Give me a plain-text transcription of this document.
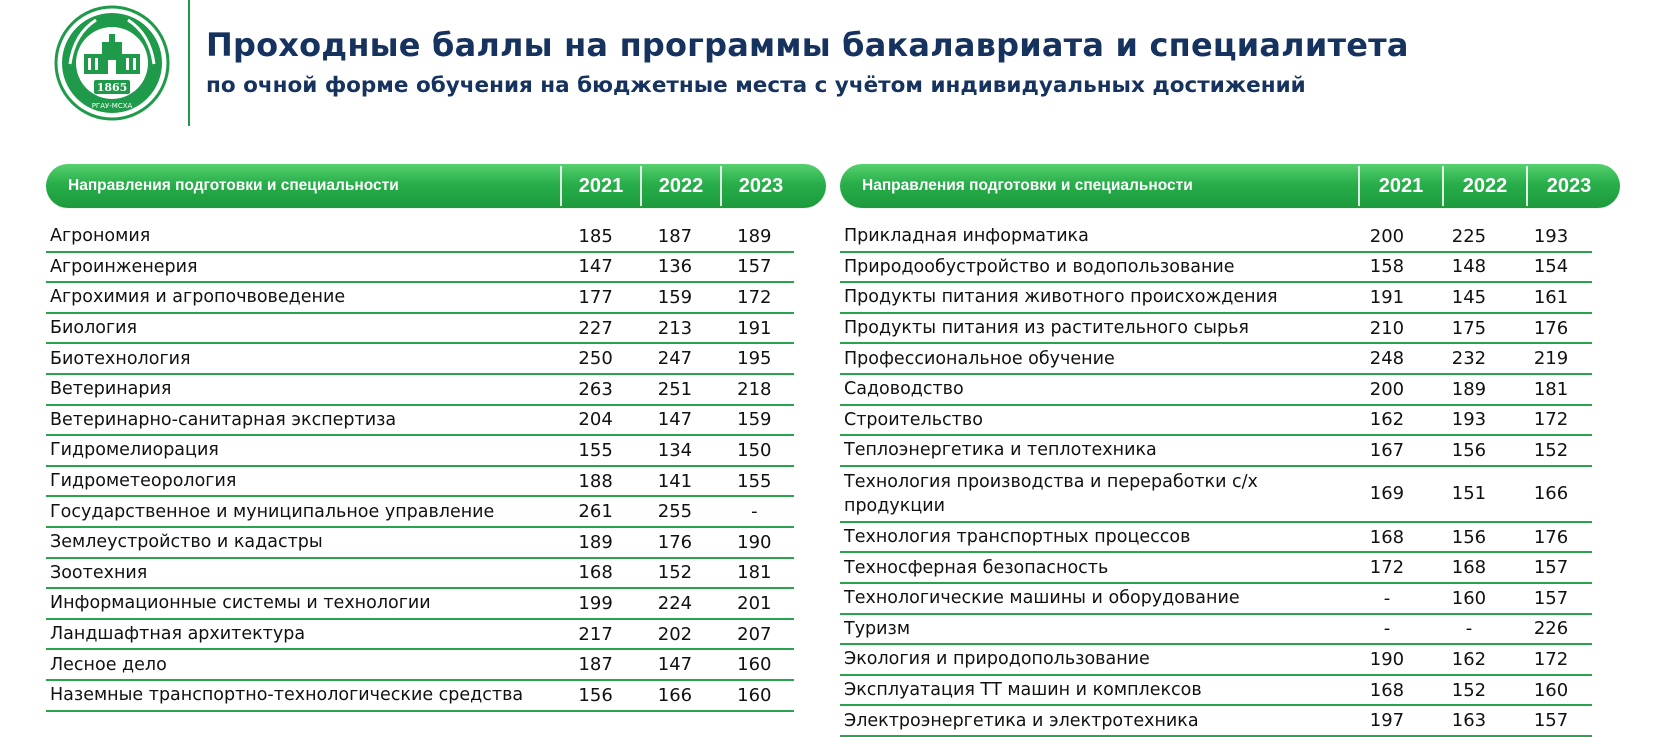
1865
РГАУ-МСХА
Проходные баллы на программы бакалавриата и специалитета
по очной форме обучения на бюджетные места с учётом индивидуальных достижений
Направления подготовки и специальности	2021	2022	2023
Агрономия	185	187	189
Агроинженерия	147	136	157
Агрохимия и агропочвоведение	177	159	172
Биология	227	213	191
Биотехнология	250	247	195
Ветеринария	263	251	218
Ветеринарно-санитарная экспертиза	204	147	159
Гидромелиорация	155	134	150
Гидрометеорология	188	141	155
Государственное и муниципальное управление	261	255	-
Землеустройство и кадастры	189	176	190
Зоотехния	168	152	181
Информационные системы и технологии	199	224	201
Ландшафтная архитектура	217	202	207
Лесное дело	187	147	160
Наземные транспортно-технологические средства	156	166	160
Направления подготовки и специальности	2021	2022	2023
Прикладная информатика	200	225	193
Природообустройство и водопользование	158	148	154
Продукты питания животного происхождения	191	145	161
Продукты питания из растительного сырья	210	175	176
Профессиональное обучение	248	232	219
Садоводство	200	189	181
Строительство	162	193	172
Теплоэнергетика и теплотехника	167	156	152
Технология производства и переработки с/х продукции
169	151	166
Технология транспортных процессов	168	156	176
Техносферная безопасность	172	168	157
Технологические машины и оборудование	-	160	157
Туризм	-	-	226
Экология и природопользование	190	162	172
Эксплуатация ТТ машин и комплексов	168	152	160
Электроэнергетика и электротехника	197	163	157
